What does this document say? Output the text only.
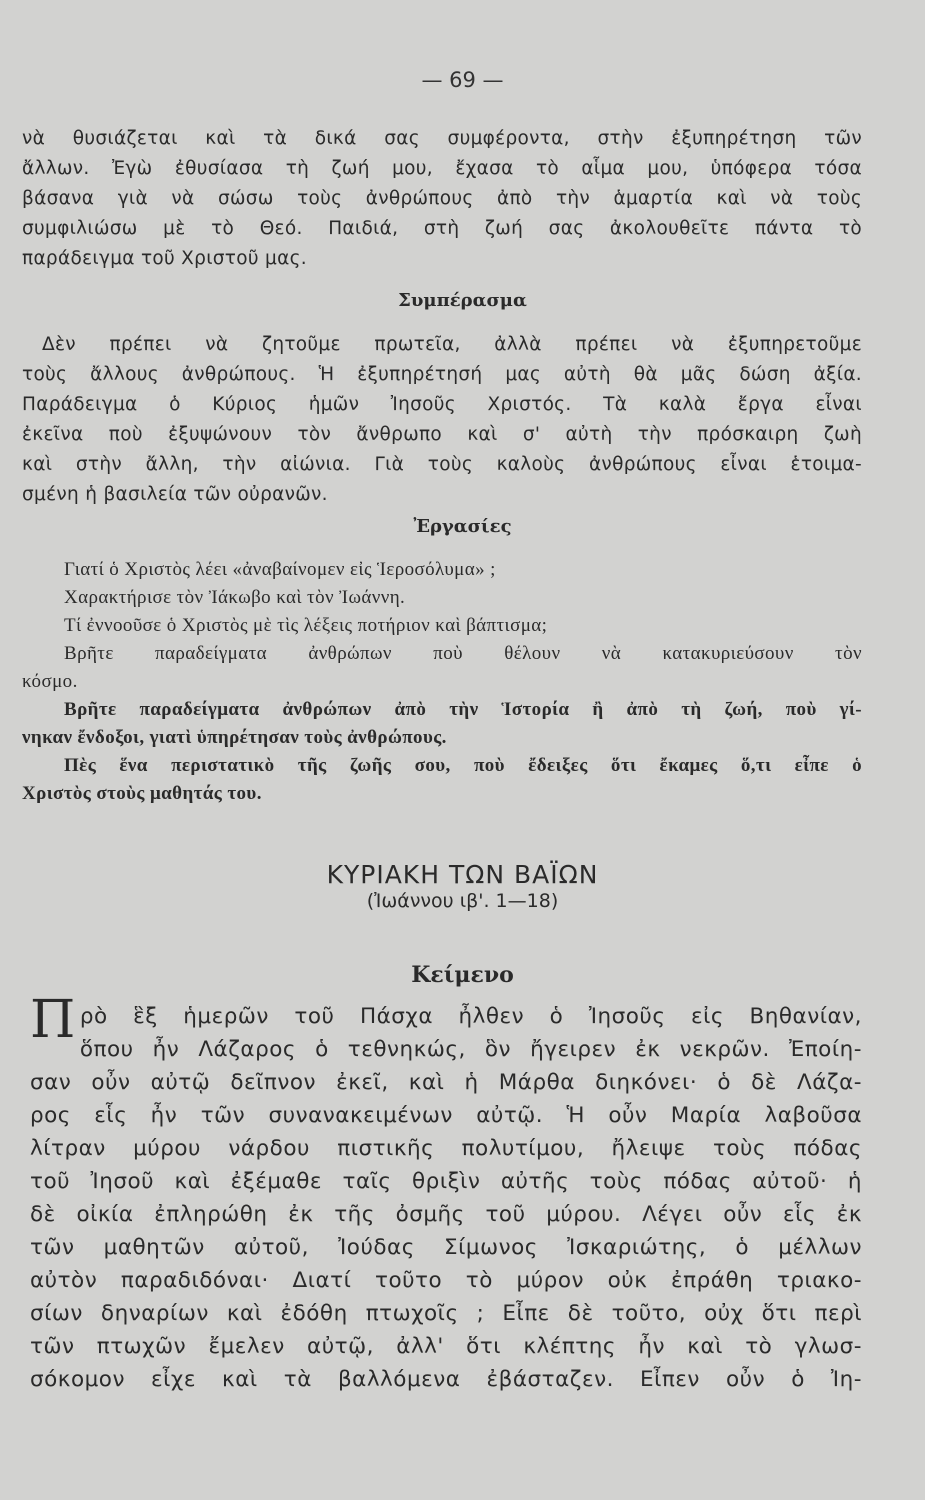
— 69 —
νὰ θυσιάζεται καὶ τὰ δικά σας συμφέροντα, στὴν ἐξυπηρέτηση τῶν
ἄλλων. Ἐγὼ ἐθυσίασα τὴ ζωή μου, ἔχασα τὸ αἷμα μου, ὑπόφερα τόσα
βάσανα γιὰ νὰ σώσω τοὺς ἀνθρώπους ἀπὸ τὴν ἁμαρτία καὶ νὰ τοὺς
συμφιλιώσω μὲ τὸ Θεό. Παιδιά, στὴ ζωή σας ἀκολουθεῖτε πάντα τὸ
παράδειγμα τοῦ Χριστοῦ μας.
Συμπέρασμα
Δὲν πρέπει νὰ ζητοῦμε πρωτεῖα, ἀλλὰ πρέπει νὰ ἐξυπηρετοῦμε
τοὺς ἄλλους ἀνθρώπους. Ἡ ἐξυπηρέτησή μας αὐτὴ θὰ μᾶς δώση ἀξία.
Παράδειγμα ὁ Κύριος ἡμῶν Ἰησοῦς Χριστός. Τὰ καλὰ ἔργα εἶναι
ἐκεῖνα ποὺ ἐξυψώνουν τὸν ἄνθρωπο καὶ σ' αὐτὴ τὴν πρόσκαιρη ζωὴ
καὶ στὴν ἄλλη, τὴν αἰώνια. Γιὰ τοὺς καλοὺς ἀνθρώπους εἶναι ἑτοιμα-
σμένη ἡ βασιλεία τῶν οὐρανῶν.
Ἐργασίες
Γιατί ὁ Χριστὸς λέει «ἀναβαίνομεν εἰς Ἱεροσόλυμα» ;
Χαρακτήρισε τὸν Ἰάκωβο καὶ τὸν Ἰωάννη.
Τί ἐννοοῦσε ὁ Χριστὸς μὲ τὶς λέξεις ποτήριον καὶ βάπτισμα;
Βρῆτε παραδείγματα ἀνθρώπων ποὺ θέλουν νὰ κατακυριεύσουν τὸν
κόσμο.
Βρῆτε παραδείγματα ἀνθρώπων ἀπὸ τὴν Ἱστορία ἢ ἀπὸ τὴ ζωή, ποὺ γί-
νηκαν ἔνδοξοι, γιατὶ ὑπηρέτησαν τοὺς ἀνθρώπους.
Πὲς ἕνα περιστατικὸ τῆς ζωῆς σου, ποὺ ἔδειξες ὅτι ἔκαμες ὅ,τι εἶπε ὁ
Χριστὸς στοὺς μαθητάς του.
ΚΥΡΙΑΚΗ ΤΩΝ ΒΑΪΩΝ
(Ἰωάννου ιβ'. 1—18)
Κείμενο
Π ρὸ ἓξ ἡμερῶν τοῦ Πάσχα ἦλθεν ὁ Ἰησοῦς εἰς Βηθανίαν,
ὅπου ἦν Λάζαρος ὁ τεθνηκώς, ὃν ἤγειρεν ἐκ νεκρῶν. Ἐποίη-
σαν οὖν αὐτῷ δεῖπνον ἐκεῖ, καὶ ἡ Μάρθα διηκόνει· ὁ δὲ Λάζα-
ρος εἷς ἦν τῶν συνανακειμένων αὐτῷ. Ἡ οὖν Μαρία λαβοῦσα
λίτραν μύρου νάρδου πιστικῆς πολυτίμου, ἤλειψε τοὺς πόδας
τοῦ Ἰησοῦ καὶ ἐξέμαθε ταῖς θριξὶν αὐτῆς τοὺς πόδας αὐτοῦ· ἡ
δὲ οἰκία ἐπληρώθη ἐκ τῆς ὀσμῆς τοῦ μύρου. Λέγει οὖν εἷς ἐκ
τῶν μαθητῶν αὐτοῦ, Ἰούδας Σίμωνος Ἰσκαριώτης, ὁ μέλλων
αὐτὸν παραδιδόναι· Διατί τοῦτο τὸ μύρον οὐκ ἐπράθη τριακο-
σίων δηναρίων καὶ ἐδόθη πτωχοῖς ; Εἶπε δὲ τοῦτο, οὐχ ὅτι περὶ
τῶν πτωχῶν ἔμελεν αὐτῷ, ἀλλ' ὅτι κλέπτης ἦν καὶ τὸ γλωσ-
σόκομον εἶχε καὶ τὰ βαλλόμενα ἐβάσταζεν. Εἶπεν οὖν ὁ Ἰη-
